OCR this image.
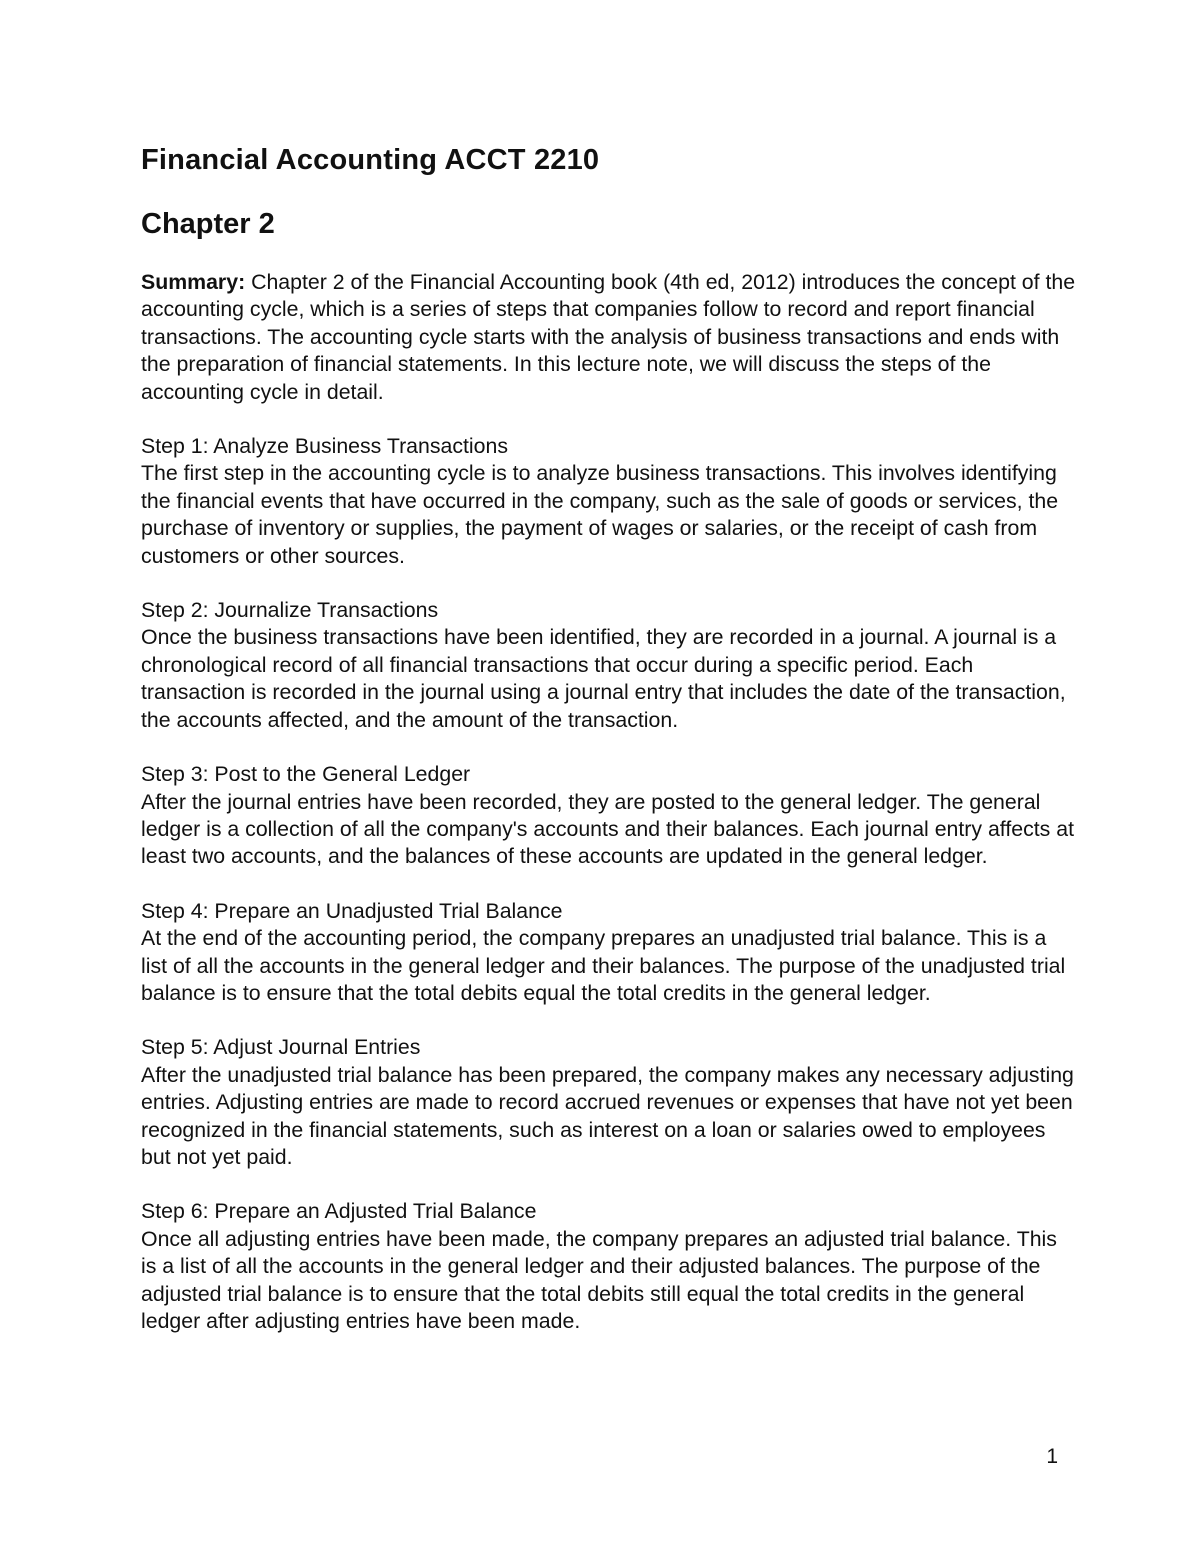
Financial Accounting ACCT 2210
Chapter 2

Summary: Chapter 2 of the Financial Accounting book (4th ed, 2012) introduces the concept of the accounting cycle, which is a series of steps that companies follow to record and report financial transactions. The accounting cycle starts with the analysis of business transactions and ends with the preparation of financial statements. In this lecture note, we will discuss the steps of the accounting cycle in detail.

Step 1: Analyze Business Transactions
The first step in the accounting cycle is to analyze business transactions. This involves identifying the financial events that have occurred in the company, such as the sale of goods or services, the purchase of inventory or supplies, the payment of wages or salaries, or the receipt of cash from customers or other sources.

Step 2: Journalize Transactions
Once the business transactions have been identified, they are recorded in a journal. A journal is a chronological record of all financial transactions that occur during a specific period. Each transaction is recorded in the journal using a journal entry that includes the date of the transaction, the accounts affected, and the amount of the transaction.

Step 3: Post to the General Ledger
After the journal entries have been recorded, they are posted to the general ledger. The general ledger is a collection of all the company's accounts and their balances. Each journal entry affects at least two accounts, and the balances of these accounts are updated in the general ledger.

Step 4: Prepare an Unadjusted Trial Balance
At the end of the accounting period, the company prepares an unadjusted trial balance. This is a list of all the accounts in the general ledger and their balances. The purpose of the unadjusted trial balance is to ensure that the total debits equal the total credits in the general ledger.

Step 5: Adjust Journal Entries
After the unadjusted trial balance has been prepared, the company makes any necessary adjusting entries. Adjusting entries are made to record accrued revenues or expenses that have not yet been recognized in the financial statements, such as interest on a loan or salaries owed to employees but not yet paid.

Step 6: Prepare an Adjusted Trial Balance
Once all adjusting entries have been made, the company prepares an adjusted trial balance. This is a list of all the accounts in the general ledger and their adjusted balances. The purpose of the adjusted trial balance is to ensure that the total debits still equal the total credits in the general ledger after adjusting entries have been made.

1
